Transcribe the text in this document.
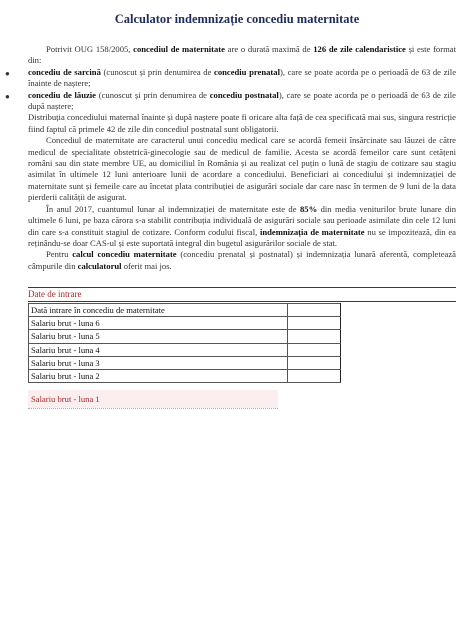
Calculator indemnizație concediu maternitate

Potrivit OUG 158/2005, concediul de maternitate are o durată maximă de 126 de zile calendaristice și este format din:

● concediu de sarcină (cunoscut și prin denumirea de concediu prenatal), care se poate acorda pe o perioadă de 63 de zile înainte de naștere;
● concediu de lăuzie (cunoscut și prin denumirea de concediu postnatal), care se poate acorda pe o perioadă de 63 de zile după naștere;

Distribuția concediului maternal înainte și după naștere poate fi oricare alta față de cea specificată mai sus, singura restricție fiind faptul că primele 42 de zile din concediul postnatal sunt obligatorii.

Concediul de maternitate are caracterul unui concediu medical care se acordă femeii însărcinate sau lăuzei de către medicul de specialitate obstetrică-ginecologie sau de medicul de familie. Acesta se acordă femeilor care sunt cetățeni români sau din state membre UE, au domiciliul în România și au realizat cel puțin o lună de stagiu de cotizare sau stagiu asimilat în ultimele 12 luni anterioare lunii de acordare a concediului. Beneficiari ai concediului și indemnizației de maternitate sunt și femeile care au încetat plata contribuției de asigurări sociale dar care nasc în termen de 9 luni de la data pierderii calității de asigurat.

În anul 2017, cuantumul lunar al indemnizației de maternitate este de 85% din media veniturilor brute lunare din ultimele 6 luni, pe baza cărora s-a stabilit contribuția individuală de asigurări sociale sau perioade asimilate din cele 12 luni din care s-a constituit stagiul de cotizare. Conform codului fiscal, indemnizația de maternitate nu se impozitează, din ea reținându-se doar CAS-ul și este suportată integral din bugetul asigurărilor sociale de stat.

Pentru calcul concediu maternitate (concediu prenatal și postnatal) și indemnizația lunară aferentă, completează câmpurile din calculatorul oferit mai jos.

Date de intrare
Dată intrare în concediu de maternitate	
Salariu brut - luna 6	
Salariu brut - luna 5	
Salariu brut - luna 4	
Salariu brut - luna 3	
Salariu brut - luna 2	
Salariu brut - luna 1
